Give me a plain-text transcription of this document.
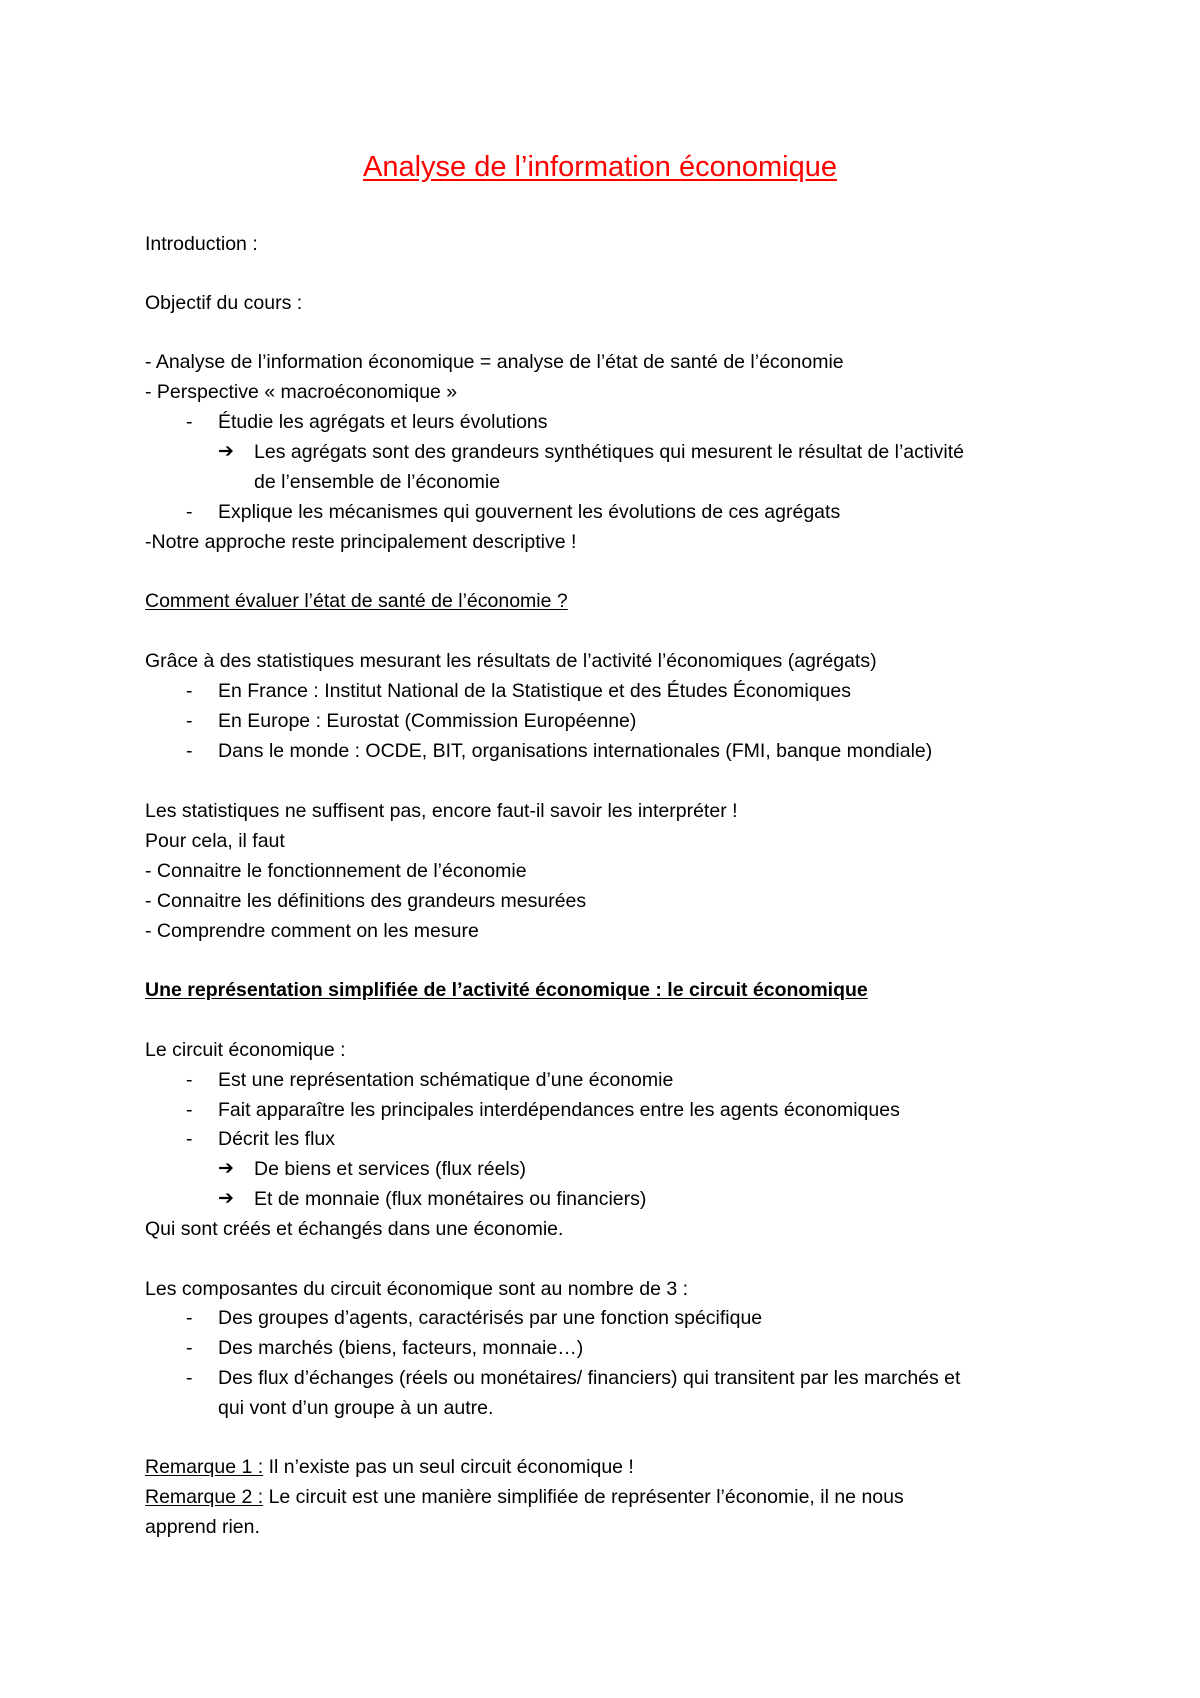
Analyse de l’information économique
Introduction :
Objectif du cours :
- Analyse de l’information économique = analyse de l’état de santé de l’économie
- Perspective « macroéconomique »
- Étudie les agrégats et leurs évolutions
➔ Les agrégats sont des grandeurs synthétiques qui mesurent le résultat de l’activité
de l’ensemble de l’économie
- Explique les mécanismes qui gouvernent les évolutions de ces agrégats
-Notre approche reste principalement descriptive !
Comment évaluer l’état de santé de l’économie ?
Grâce à des statistiques mesurant les résultats de l’activité l’économiques (agrégats)
- En France : Institut National de la Statistique et des Études Économiques
- En Europe : Eurostat (Commission Européenne)
- Dans le monde : OCDE, BIT, organisations internationales (FMI, banque mondiale)
Les statistiques ne suffisent pas, encore faut-il savoir les interpréter !
Pour cela, il faut
- Connaitre le fonctionnement de l’économie
- Connaitre les définitions des grandeurs mesurées
- Comprendre comment on les mesure
Une représentation simplifiée de l’activité économique : le circuit économique
Le circuit économique :
- Est une représentation schématique d’une économie
- Fait apparaître les principales interdépendances entre les agents économiques
- Décrit les flux
➔ De biens et services (flux réels)
➔ Et de monnaie (flux monétaires ou financiers)
Qui sont créés et échangés dans une économie.
Les composantes du circuit économique sont au nombre de 3 :
- Des groupes d’agents, caractérisés par une fonction spécifique
- Des marchés (biens, facteurs, monnaie…)
- Des flux d’échanges (réels ou monétaires/ financiers) qui transitent par les marchés et
qui vont d’un groupe à un autre.
Remarque 1 : Il n’existe pas un seul circuit économique !
Remarque 2 : Le circuit est une manière simplifiée de représenter l’économie, il ne nous
apprend rien.
